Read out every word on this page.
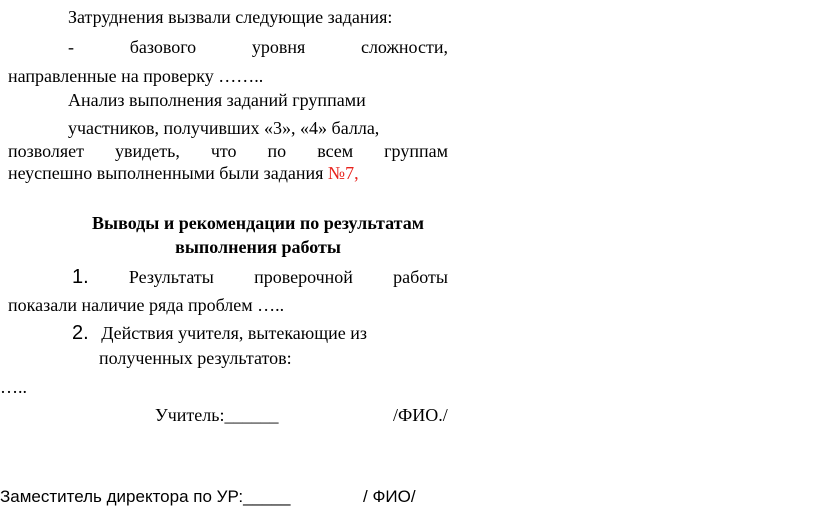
Затруднения вызвали следующие задания:
-	базового	уровня	сложности,
направленные на проверку ……..
Анализ выполнения заданий группами
участников, получивших «3», «4» балла,
позволяет увидеть, что по всем группам
неуспешно выполненными были задания №7,
Выводы и рекомендации по результатам
выполнения работы
1. Результаты проверочной работы
показали наличие ряда проблем …..
2. Действия учителя, вытекающие из
полученных результатов:
…..
Учитель:______	/ФИО./
Заместитель директора по УР:_____	/ ФИО/
